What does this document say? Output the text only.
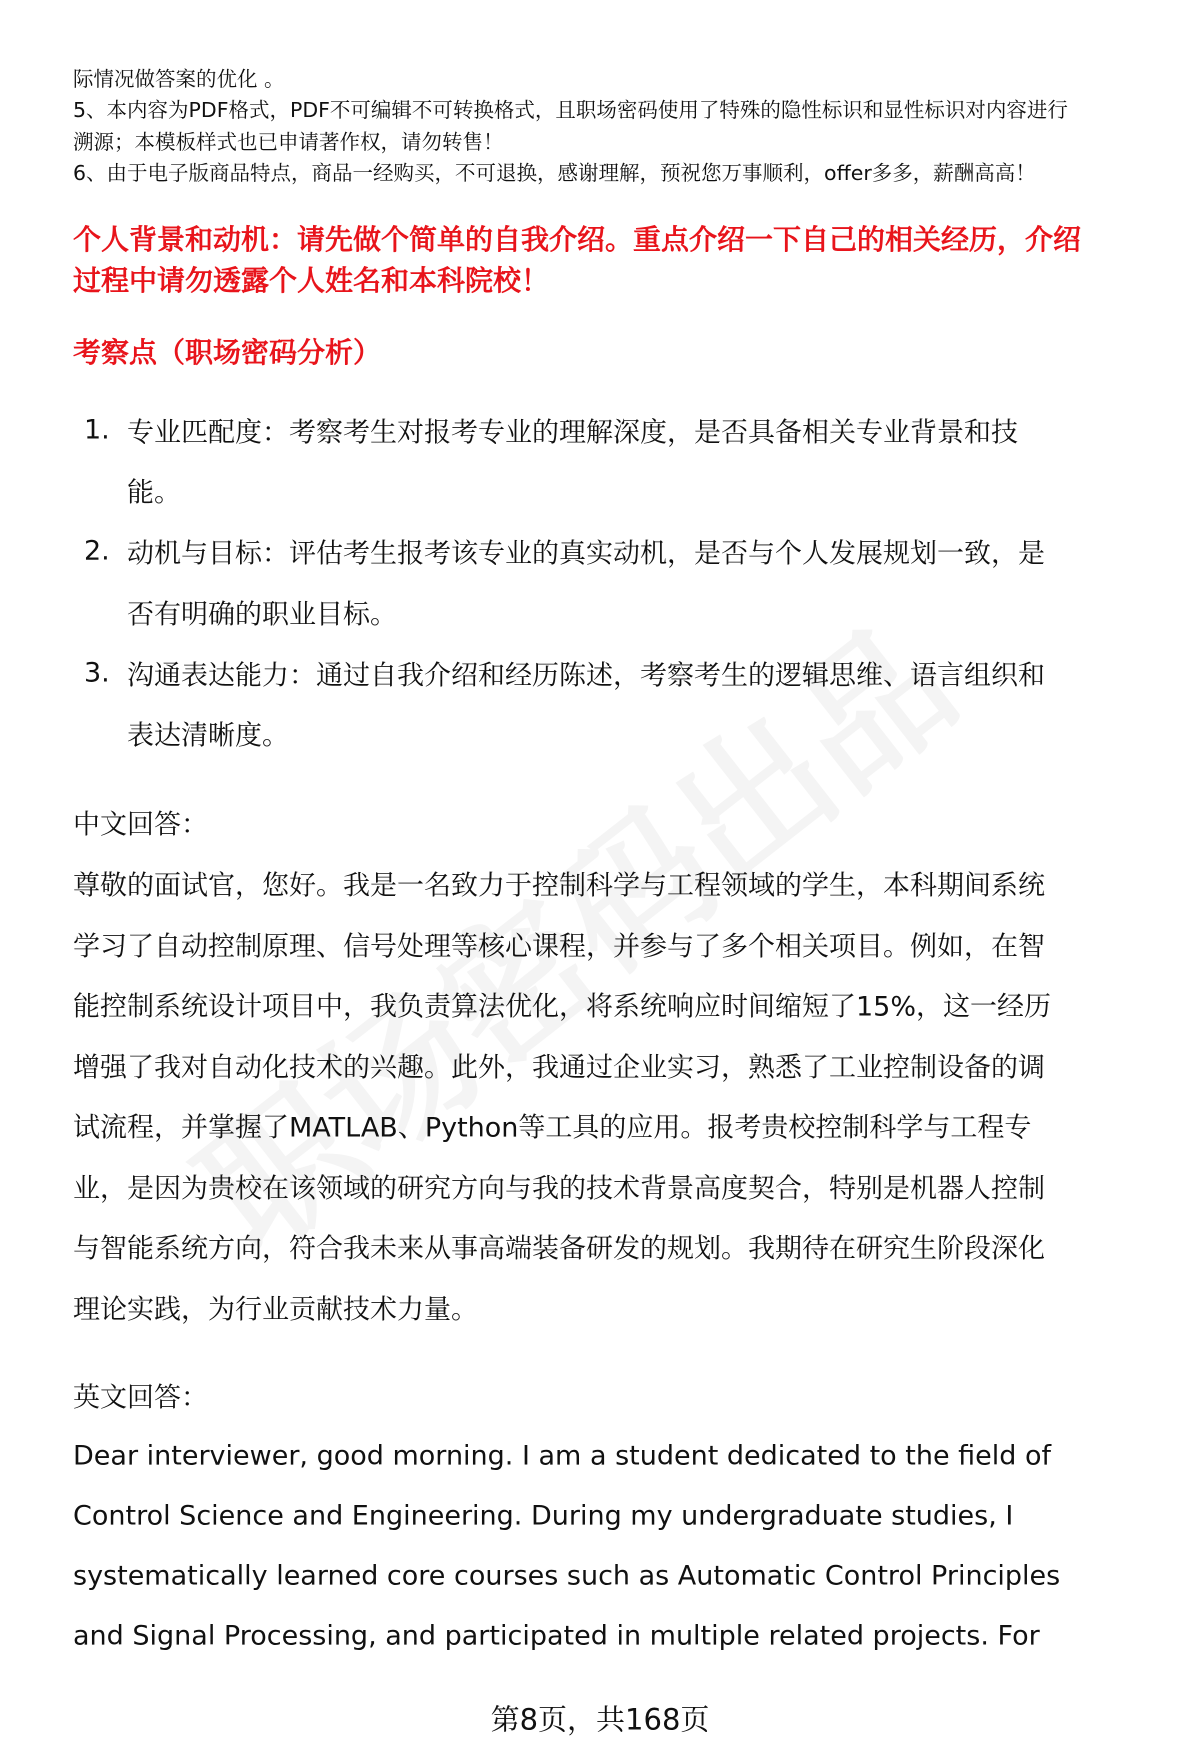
际情况做答案的优化 。
5、本内容为PDF格式，PDF不可编辑不可转换格式，且职场密码使用了特殊的隐性标识和显性标识对内容进行
溯源；本模板样式也已申请著作权，请勿转售！
6、由于电子版商品特点，商品一经购买，不可退换，感谢理解，预祝您万事顺利，offer多多，薪酬高高！
个人背景和动机：请先做个简单的自我介绍。重点介绍一下自己的相关经历，介绍
过程中请勿透露个人姓名和本科院校！
考察点（职场密码分析）
1. 专业匹配度：考察考生对报考专业的理解深度，是否具备相关专业背景和技
能。
2. 动机与目标：评估考生报考该专业的真实动机，是否与个人发展规划一致，是
否有明确的职业目标。
3. 沟通表达能力：通过自我介绍和经历陈述，考察考生的逻辑思维、语言组织和
表达清晰度。
中文回答：
尊敬的面试官，您好。我是一名致力于控制科学与工程领域的学生，本科期间系统
学习了自动控制原理、信号处理等核心课程，并参与了多个相关项目。例如，在智
能控制系统设计项目中，我负责算法优化，将系统响应时间缩短了15%，这一经历
增强了我对自动化技术的兴趣。此外，我通过企业实习，熟悉了工业控制设备的调
试流程，并掌握了MATLAB、Python等工具的应用。报考贵校控制科学与工程专
业，是因为贵校在该领域的研究方向与我的技术背景高度契合，特别是机器人控制
与智能系统方向，符合我未来从事高端装备研发的规划。我期待在研究生阶段深化
理论实践，为行业贡献技术力量。
英文回答：
Dear interviewer, good morning. I am a student dedicated to the field of
Control Science and Engineering. During my undergraduate studies, I
systematically learned core courses such as Automatic Control Principles
and Signal Processing, and participated in multiple related projects. For
第8页，共168页
